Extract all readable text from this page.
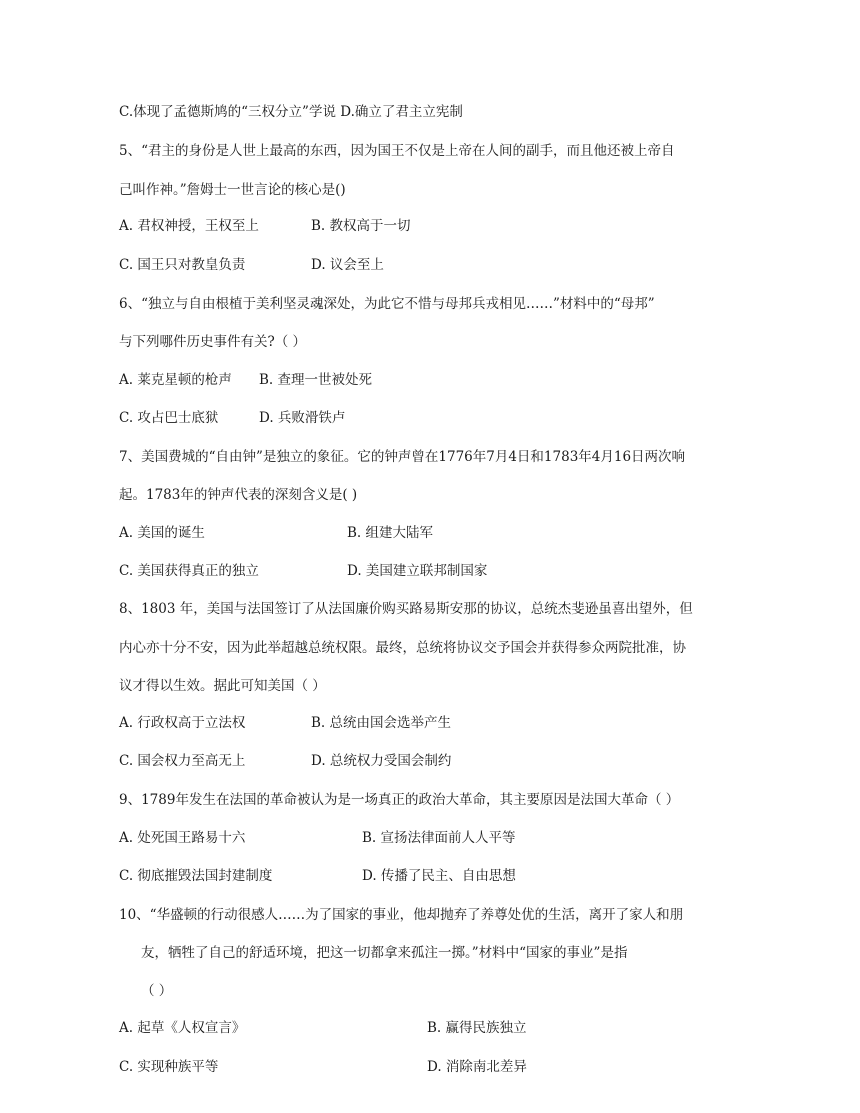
C.体现了孟德斯鸠的“三权分立”学说 D.确立了君主立宪制
5、“君主的身份是人世上最高的东西，因为国王不仅是上帝在人间的副手，而且他还被上帝自
己叫作神。”詹姆士一世言论的核心是()
A. 君权神授，王权至上	B. 教权高于一切
C. 国王只对教皇负责	D. 议会至上
6、“独立与自由根植于美利坚灵魂深处，为此它不惜与母邦兵戎相见……”材料中的“母邦”
与下列哪件历史事件有关?（ ）
A. 莱克星顿的枪声 B. 查理一世被处死
C. 攻占巴士底狱	D. 兵败滑铁卢
7、美国费城的“自由钟”是独立的象征。它的钟声曾在1776年7月4日和1783年4月16日两次响
起。1783年的钟声代表的深刻含义是( )
A. 美国的诞生	B. 组建大陆军
C. 美国获得真正的独立	D. 美国建立联邦制国家
8、1803 年，美国与法国签订了从法国廉价购买路易斯安那的协议，总统杰斐逊虽喜出望外，但
内心亦十分不安，因为此举超越总统权限。最终，总统将协议交予国会并获得参众两院批准，协
议才得以生效。据此可知美国（ ）
A. 行政权高于立法权	B. 总统由国会选举产生
C. 国会权力至高无上	D. 总统权力受国会制约
9、1789年发生在法国的革命被认为是一场真正的政治大革命，其主要原因是法国大革命（ ）
A. 处死国王路易十六	B. 宣扬法律面前人人平等
C. 彻底摧毁法国封建制度	D. 传播了民主、自由思想
10、“华盛顿的行动很感人……为了国家的事业，他却抛弃了养尊处优的生活，离开了家人和朋
友，牺牲了自己的舒适环境，把这一切都拿来孤注一掷。”材料中“国家的事业”是指
（ ）
A. 起草《人权宣言》	B. 赢得民族独立
C. 实现种族平等	D. 消除南北差异
